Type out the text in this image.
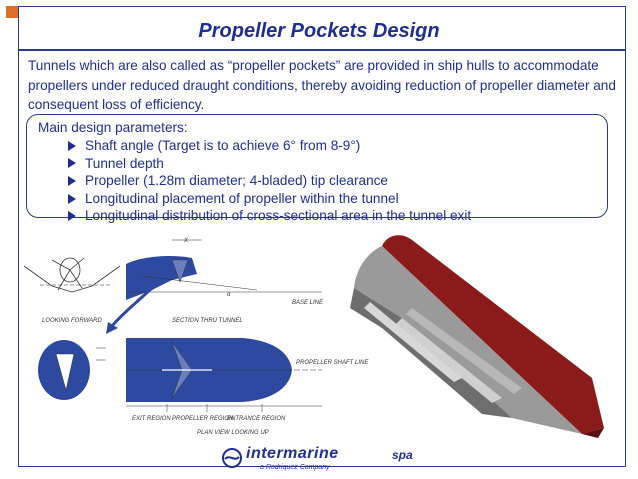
Propeller Pockets Design
Tunnels which are also called as “propeller pockets” are provided in ship hulls to accommodate propellers under reduced draught conditions, thereby avoiding reduction of propeller diameter and consequent loss of efficiency.
Main design parameters:
Shaft angle (Target is to achieve 6° from 8-9°)
Tunnel depth
Propeller (1.28m diameter; 4-bladed) tip clearance
Longitudinal placement of propeller within the tunnel
Longitudinal distribution of cross-sectional area in the tunnel exit
LOOKING FORWARD
X
α
BASE LINE
SECTION THRU TUNNEL
PROPELLER SHAFT LINE
EXIT REGION PROPELLER REGION
ENTRANCE REGION
PLAN VIEW LOOKING UP
intermarine	spa
a Rodriquez Company
